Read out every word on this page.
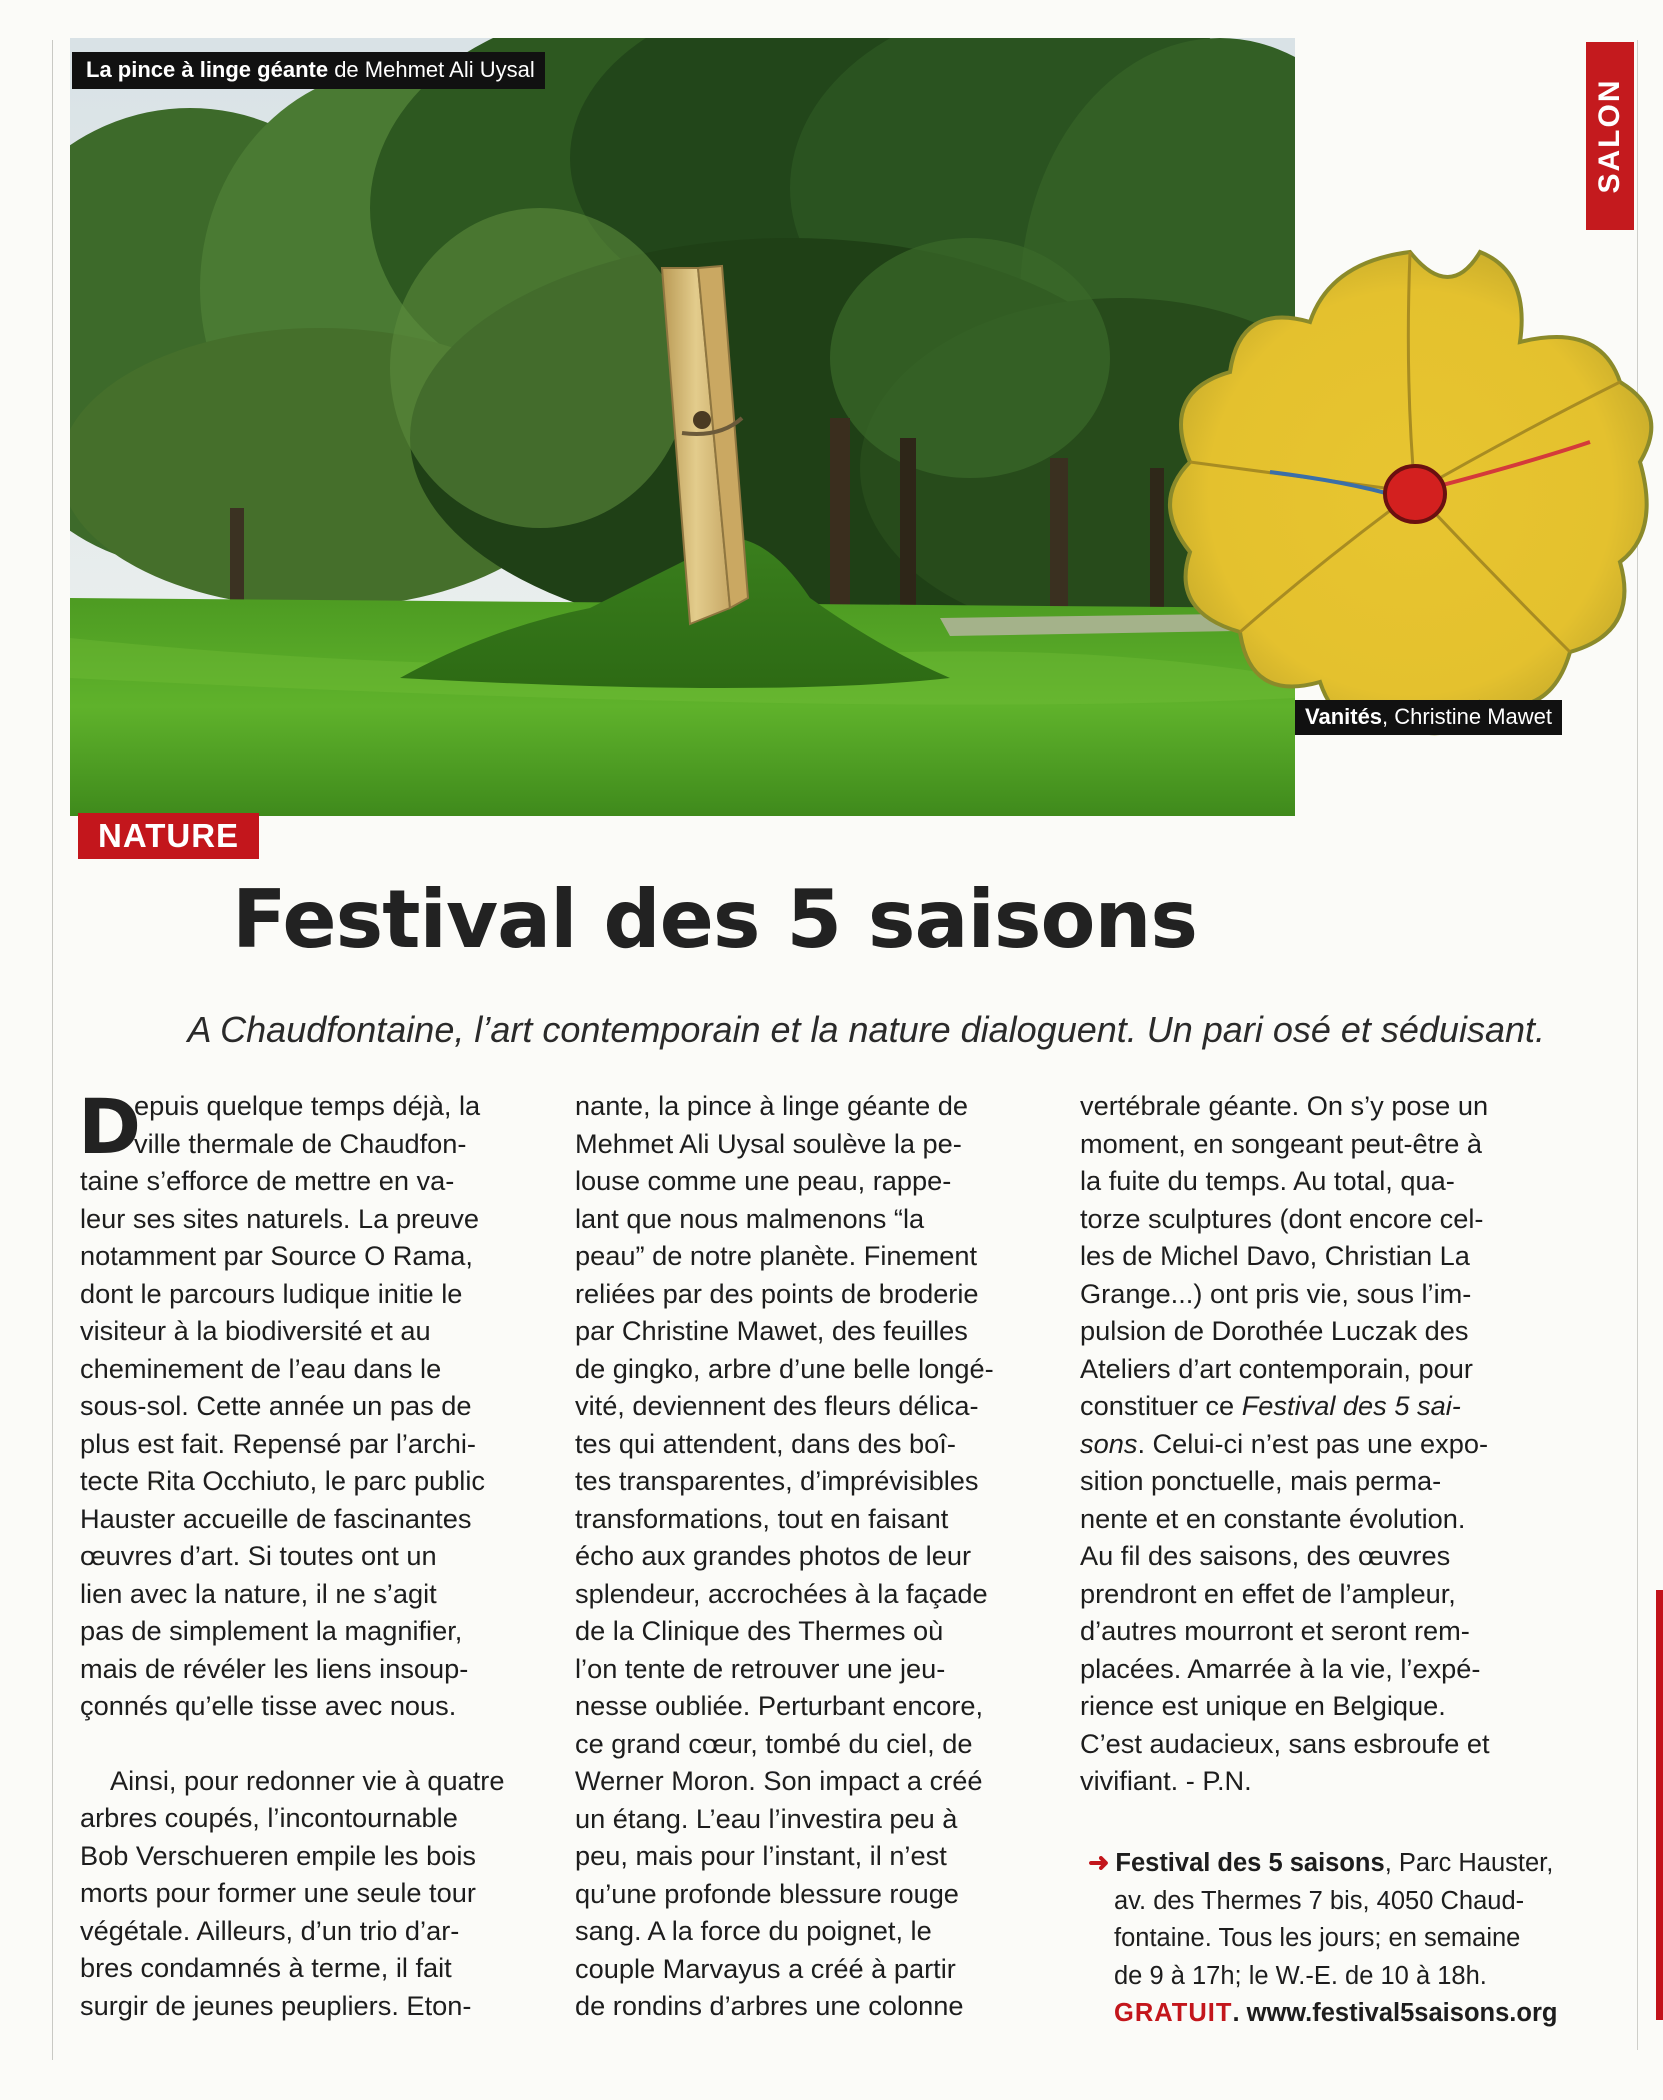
La pince à linge géante de Mehmet Ali Uysal
Vanités, Christine Mawet
SALON
NATURE
Festival des 5 saisons

A Chaudfontaine, l’art contemporain et la nature dialoguent. Un pari osé et séduisant.

D

epuis quelque temps déjà, la

ville thermale de Chaudfon-

taine s’efforce de mettre en va-

leur ses sites naturels. La preuve

notamment par Source O Rama,

dont le parcours ludique initie le

visiteur à la biodiversité et au

cheminement de l’eau dans le

sous-sol. Cette année un pas de

plus est fait. Repensé par l’archi-

tecte Rita Occhiuto, le parc public

Hauster accueille de fascinantes

œuvres d’art. Si toutes ont un

lien avec la nature, il ne s’agit

pas de simplement la magnifier,

mais de révéler les liens insoup-

çonnés qu’elle tisse avec nous.

Ainsi, pour redonner vie à quatre

arbres coupés, l’incontournable

Bob Verschueren empile les bois

morts pour former une seule tour

végétale. Ailleurs, d’un trio d’ar-

bres condamnés à terme, il fait

surgir de jeunes peupliers. Eton-

nante, la pince à linge géante de

Mehmet Ali Uysal soulève la pe-

louse comme une peau, rappe-

lant que nous malmenons “la

peau” de notre planète. Finement

reliées par des points de broderie

par Christine Mawet, des feuilles

de gingko, arbre d’une belle longé-

vité, deviennent des fleurs délica-

tes qui attendent, dans des boî-

tes transparentes, d’imprévisibles

transformations, tout en faisant

écho aux grandes photos de leur

splendeur, accrochées à la façade

de la Clinique des Thermes où

l’on tente de retrouver une jeu-

nesse oubliée. Perturbant encore,

ce grand cœur, tombé du ciel, de

Werner Moron. Son impact a créé

un étang. L’eau l’investira peu à

peu, mais pour l’instant, il n’est

qu’une profonde blessure rouge

sang. A la force du poignet, le

couple Marvayus a créé à partir

de rondins d’arbres une colonne

vertébrale géante. On s’y pose un

moment, en songeant peut-être à

la fuite du temps. Au total, qua-

torze sculptures (dont encore cel-

les de Michel Davo, Christian La

Grange...) ont pris vie, sous l’im-

pulsion de Dorothée Luczak des

Ateliers d’art contemporain, pour

constituer ce Festival des 5 sai-

sons. Celui-ci n’est pas une expo-

sition ponctuelle, mais perma-

nente et en constante évolution.

Au fil des saisons, des œuvres

prendront en effet de l’ampleur,

d’autres mourront et seront rem-

placées. Amarrée à la vie, l’expé-

rience est unique en Belgique.

C’est audacieux, sans esbroufe et

vivifiant. - P.N.

➜ Festival des 5 saisons, Parc Hauster,

av. des Thermes 7 bis, 4050 Chaud-

fontaine. Tous les jours; en semaine

de 9 à 17h; le W.-E. de 10 à 18h.

GRATUIT. www.festival5saisons.org
